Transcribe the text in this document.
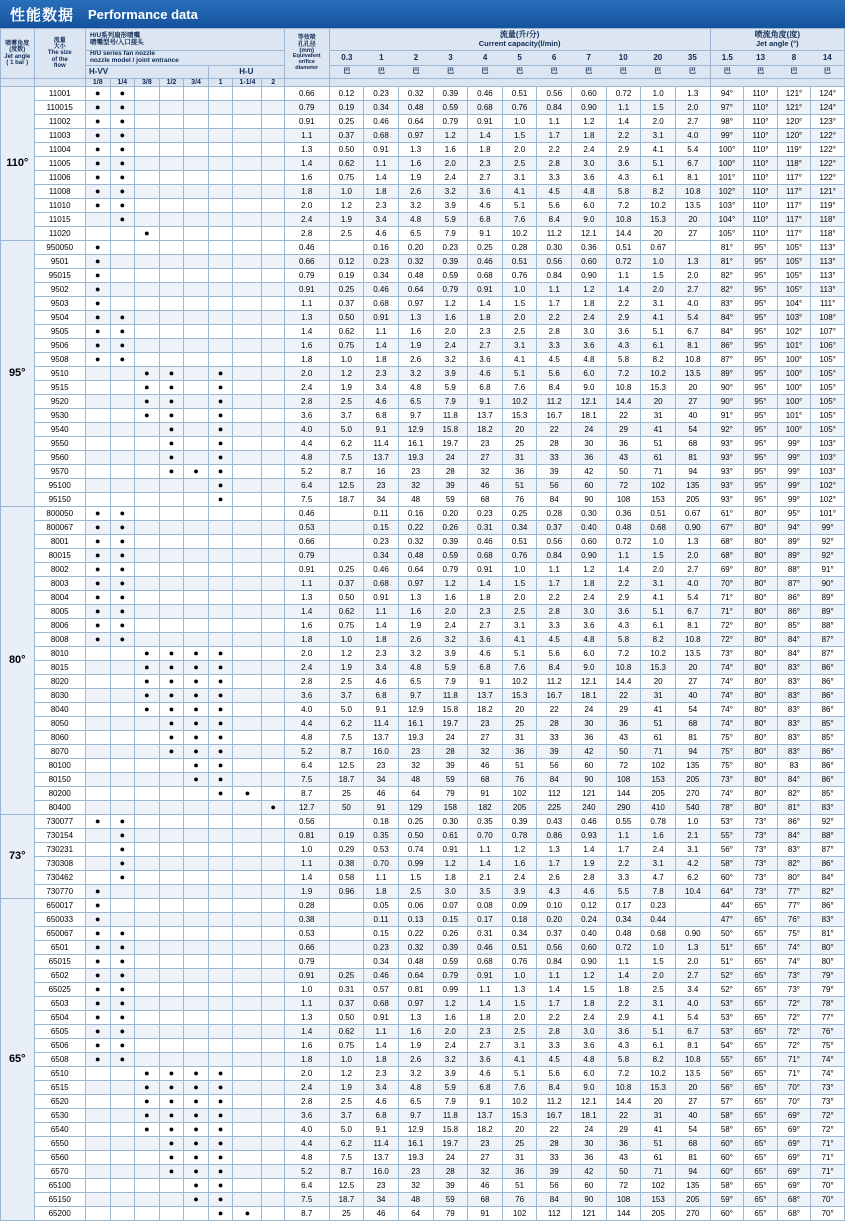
性能数据	Performance data
喷雾角度
(度数)
Jet angle
( 1 bar )

流量
大小
The size
of the
flow

H/U系列扇形喷嘴
喷嘴型号/入口接头

等效喷
孔孔径
(mm)
Equivalent
orifice
diameter

流量(升/分)
Current capacity(l/min)

喷流角度(度)
Jet angle (°)

H/U series fan nozzle
nozzle model / joint entrance
		0.3	1	2	3	4	5	6	7	10	20	35
		1.5	13	8	14

H-VV	H-U		巴	巴	巴	巴	巴	巴	巴	巴	巴	巴	巴
		巴	巴	巴	巴

		1/8	1/4	3/8	1/2	3/4	1	1-1/4	2			
110°	11001	●	●							0.66	0.12	0.23	0.32	0.39	0.46	0.51	0.56	0.60	0.72	1.0	1.3	94°	110°	121°	124°
110015	●	●							0.79	0.19	0.34	0.48	0.59	0.68	0.76	0.84	0.90	1.1	1.5	2.0	97°	110°	121°	124°
11002	●	●							0.91	0.25	0.46	0.64	0.79	0.91	1.0	1.1	1.2	1.4	2.0	2.7	98°	110°	120°	123°
11003	●	●							1.1	0.37	0.68	0.97	1.2	1.4	1.5	1.7	1.8	2.2	3.1	4.0	99°	110°	120°	122°
11004	●	●							1.3	0.50	0.91	1.3	1.6	1.8	2.0	2.2	2.4	2.9	4.1	5.4	100°	110°	119°	122°
11005	●	●							1.4	0.62	1.1	1.6	2.0	2.3	2.5	2.8	3.0	3.6	5.1	6.7	100°	110°	118°	122°
11006	●	●							1.6	0.75	1.4	1.9	2.4	2.7	3.1	3.3	3.6	4.3	6.1	8.1	101°	110°	117°	122°
11008	●	●							1.8	1.0	1.8	2.6	3.2	3.6	4.1	4.5	4.8	5.8	8.2	10.8	102°	110°	117°	121°
11010	●	●							2.0	1.2	2.3	3.2	3.9	4.6	5.1	5.6	6.0	7.2	10.2	13.5	103°	110°	117°	119°
11015		●							2.4	1.9	3.4	4.8	5.9	6.8	7.6	8.4	9.0	10.8	15.3	20	104°	110°	117°	118°
11020			●						2.8	2.5	4.6	6.5	7.9	9.1	10.2	11.2	12.1	14.4	20	27	105°	110°	117°	118°
95°	950050	●								0.46		0.16	0.20	0.23	0.25	0.28	0.30	0.36	0.51	0.67		81°	95°	105°	113°
9501	●								0.66	0.12	0.23	0.32	0.39	0.46	0.51	0.56	0.60	0.72	1.0	1.3	81°	95°	105°	113°
95015	●								0.79	0.19	0.34	0.48	0.59	0.68	0.76	0.84	0.90	1.1	1.5	2.0	82°	95°	105°	113°
9502	●								0.91	0.25	0.46	0.64	0.79	0.91	1.0	1.1	1.2	1.4	2.0	2.7	82°	95°	105°	113°
9503	●								1.1	0.37	0.68	0.97	1.2	1.4	1.5	1.7	1.8	2.2	3.1	4.0	83°	95°	104°	111°
9504	●	●							1.3	0.50	0.91	1.3	1.6	1.8	2.0	2.2	2.4	2.9	4.1	5.4	84°	95°	103°	108°
9505	●	●							1.4	0.62	1.1	1.6	2.0	2.3	2.5	2.8	3.0	3.6	5.1	6.7	84°	95°	102°	107°
9506	●	●							1.6	0.75	1.4	1.9	2.4	2.7	3.1	3.3	3.6	4.3	6.1	8.1	86°	95°	101°	106°
9508	●	●							1.8	1.0	1.8	2.6	3.2	3.6	4.1	4.5	4.8	5.8	8.2	10.8	87°	95°	100°	105°
9510			●	●		●			2.0	1.2	2.3	3.2	3.9	4.6	5.1	5.6	6.0	7.2	10.2	13.5	89°	95°	100°	105°
9515			●	●		●			2.4	1.9	3.4	4.8	5.9	6.8	7.6	8.4	9.0	10.8	15.3	20	90°	95°	100°	105°
9520			●	●		●			2.8	2.5	4.6	6.5	7.9	9.1	10.2	11.2	12.1	14.4	20	27	90°	95°	100°	105°
9530			●	●		●			3.6	3.7	6.8	9.7	11.8	13.7	15.3	16.7	18.1	22	31	40	91°	95°	101°	105°
9540				●		●			4.0	5.0	9.1	12.9	15.8	18.2	20	22	24	29	41	54	92°	95°	100°	105°
9550				●		●			4.4	6.2	11.4	16.1	19.7	23	25	28	30	36	51	68	93°	95°	99°	103°
9560				●		●			4.8	7.5	13.7	19.3	24	27	31	33	36	43	61	81	93°	95°	99°	103°
9570				●	●	●			5.2	8.7	16	23	28	32	36	39	42	50	71	94	93°	95°	99°	103°
95100						●			6.4	12.5	23	32	39	46	51	56	60	72	102	135	93°	95°	99°	102°
95150						●			7.5	18.7	34	48	59	68	76	84	90	108	153	205	93°	95°	99°	102°
80°	800050	●	●							0.46		0.11	0.16	0.20	0.23	0.25	0.28	0.30	0.36	0.51	0.67	61°	80°	95°	101°
800067	●	●							0.53		0.15	0.22	0.26	0.31	0.34	0.37	0.40	0.48	0.68	0.90	67°	80°	94°	99°
8001	●	●							0.66		0.23	0.32	0.39	0.46	0.51	0.56	0.60	0.72	1.0	1.3	68°	80°	89°	92°
80015	●	●							0.79		0.34	0.48	0.59	0.68	0.76	0.84	0.90	1.1	1.5	2.0	68°	80°	89°	92°
8002	●	●							0.91	0.25	0.46	0.64	0.79	0.91	1.0	1.1	1.2	1.4	2.0	2.7	69°	80°	88°	91°
8003	●	●							1.1	0.37	0.68	0.97	1.2	1.4	1.5	1.7	1.8	2.2	3.1	4.0	70°	80°	87°	90°
8004	●	●							1.3	0.50	0.91	1.3	1.6	1.8	2.0	2.2	2.4	2.9	4.1	5.4	71°	80°	86°	89°
8005	●	●							1.4	0.62	1.1	1.6	2.0	2.3	2.5	2.8	3.0	3.6	5.1	6.7	71°	80°	86°	89°
8006	●	●							1.6	0.75	1.4	1.9	2.4	2.7	3.1	3.3	3.6	4.3	6.1	8.1	72°	80°	85°	88°
8008	●	●							1.8	1.0	1.8	2.6	3.2	3.6	4.1	4.5	4.8	5.8	8.2	10.8	72°	80°	84°	87°
8010			●	●	●	●			2.0	1.2	2.3	3.2	3.9	4.6	5.1	5.6	6.0	7.2	10.2	13.5	73°	80°	84°	87°
8015			●	●	●	●			2.4	1.9	3.4	4.8	5.9	6.8	7.6	8.4	9.0	10.8	15.3	20	74°	80°	83°	86°
8020			●	●	●	●			2.8	2.5	4.6	6.5	7.9	9.1	10.2	11.2	12.1	14.4	20	27	74°	80°	83°	86°
8030			●	●	●	●			3.6	3.7	6.8	9.7	11.8	13.7	15.3	16.7	18.1	22	31	40	74°	80°	83°	86°
8040			●	●	●	●			4.0	5.0	9.1	12.9	15.8	18.2	20	22	24	29	41	54	74°	80°	83°	86°
8050				●	●	●			4.4	6.2	11.4	16.1	19.7	23	25	28	30	36	51	68	74°	80°	83°	85°
8060				●	●	●			4.8	7.5	13.7	19.3	24	27	31	33	36	43	61	81	75°	80°	83°	85°
8070				●	●	●			5.2	8.7	16.0	23	28	32	36	39	42	50	71	94	75°	80°	83°	86°
80100					●	●			6.4	12.5	23	32	39	46	51	56	60	72	102	135	75°	80°	83	86°
80150					●	●			7.5	18.7	34	48	59	68	76	84	90	108	153	205	73°	80°	84°	86°
80200						●	●		8.7	25	46	64	79	91	102	112	121	144	205	270	74°	80°	82°	85°
80400								●	12.7	50	91	129	158	182	205	225	240	290	410	540	78°	80°	81°	83°
73°	730077	●	●							0.56		0.18	0.25	0.30	0.35	0.39	0.43	0.46	0.55	0.78	1.0	53°	73°	86°	92°
730154		●							0.81	0.19	0.35	0.50	0.61	0.70	0.78	0.86	0.93	1.1	1.6	2.1	55°	73°	84°	88°
730231		●							1.0	0.29	0.53	0.74	0.91	1.1	1.2	1.3	1.4	1.7	2.4	3.1	56°	73°	83°	87°
730308		●							1.1	0.38	0.70	0.99	1.2	1.4	1.6	1.7	1.9	2.2	3.1	4.2	58°	73°	82°	86°
730462		●							1.4	0.58	1.1	1.5	1.8	2.1	2.4	2.6	2.8	3.3	4.7	6.2	60°	73°	80°	84°
730770	●								1.9	0.96	1.8	2.5	3.0	3.5	3.9	4.3	4.6	5.5	7.8	10.4	64°	73°	77°	82°
65°	650017	●								0.28		0.05	0.06	0.07	0.08	0.09	0.10	0.12	0.17	0.23		44°	65°	77°	86°
650033	●								0.38		0.11	0.13	0.15	0.17	0.18	0.20	0.24	0.34	0.44		47°	65°	76°	83°
650067	●	●							0.53		0.15	0.22	0.26	0.31	0.34	0.37	0.40	0.48	0.68	0.90	50°	65°	75°	81°
6501	●	●							0.66		0.23	0.32	0.39	0.46	0.51	0.56	0.60	0.72	1.0	1.3	51°	65°	74°	80°
65015	●	●							0.79		0.34	0.48	0.59	0.68	0.76	0.84	0.90	1.1	1.5	2.0	51°	65°	74°	80°
6502	●	●							0.91	0.25	0.46	0.64	0.79	0.91	1.0	1.1	1.2	1.4	2.0	2.7	52°	65°	73°	79°
65025	●	●							1.0	0.31	0.57	0.81	0.99	1.1	1.3	1.4	1.5	1.8	2.5	3.4	52°	65°	73°	79°
6503	●	●							1.1	0.37	0.68	0.97	1.2	1.4	1.5	1.7	1.8	2.2	3.1	4.0	53°	65°	72°	78°
6504	●	●							1.3	0.50	0.91	1.3	1.6	1.8	2.0	2.2	2.4	2.9	4.1	5.4	53°	65°	72°	77°
6505	●	●							1.4	0.62	1.1	1.6	2.0	2.3	2.5	2.8	3.0	3.6	5.1	6.7	53°	65°	72°	76°
6506	●	●							1.6	0.75	1.4	1.9	2.4	2.7	3.1	3.3	3.6	4.3	6.1	8.1	54°	65°	72°	75°
6508	●	●							1.8	1.0	1.8	2.6	3.2	3.6	4.1	4.5	4.8	5.8	8.2	10.8	55°	65°	71°	74°
6510			●	●	●	●			2.0	1.2	2.3	3.2	3.9	4.6	5.1	5.6	6.0	7.2	10.2	13.5	56°	65°	71°	74°
6515			●	●	●	●			2.4	1.9	3.4	4.8	5.9	6.8	7.6	8.4	9.0	10.8	15.3	20	56°	65°	70°	73°
6520			●	●	●	●			2.8	2.5	4.6	6.5	7.9	9.1	10.2	11.2	12.1	14.4	20	27	57°	65°	70°	73°
6530			●	●	●	●			3.6	3.7	6.8	9.7	11.8	13.7	15.3	16.7	18.1	22	31	40	58°	65°	69°	72°
6540			●	●	●	●			4.0	5.0	9.1	12.9	15.8	18.2	20	22	24	29	41	54	58°	65°	69°	72°
6550				●	●	●			4.4	6.2	11.4	16.1	19.7	23	25	28	30	36	51	68	60°	65°	69°	71°
6560				●	●	●			4.8	7.5	13.7	19.3	24	27	31	33	36	43	61	81	60°	65°	69°	71°
6570				●	●	●			5.2	8.7	16.0	23	28	32	36	39	42	50	71	94	60°	65°	69°	71°
65100					●	●			6.4	12.5	23	32	39	46	51	56	60	72	102	135	58°	65°	69°	70°
65150					●	●			7.5	18.7	34	48	59	68	76	84	90	108	153	205	59°	65°	68°	70°
65200						●	●		8.7	25	46	64	79	91	102	112	121	144	205	270	60°	65°	68°	70°
